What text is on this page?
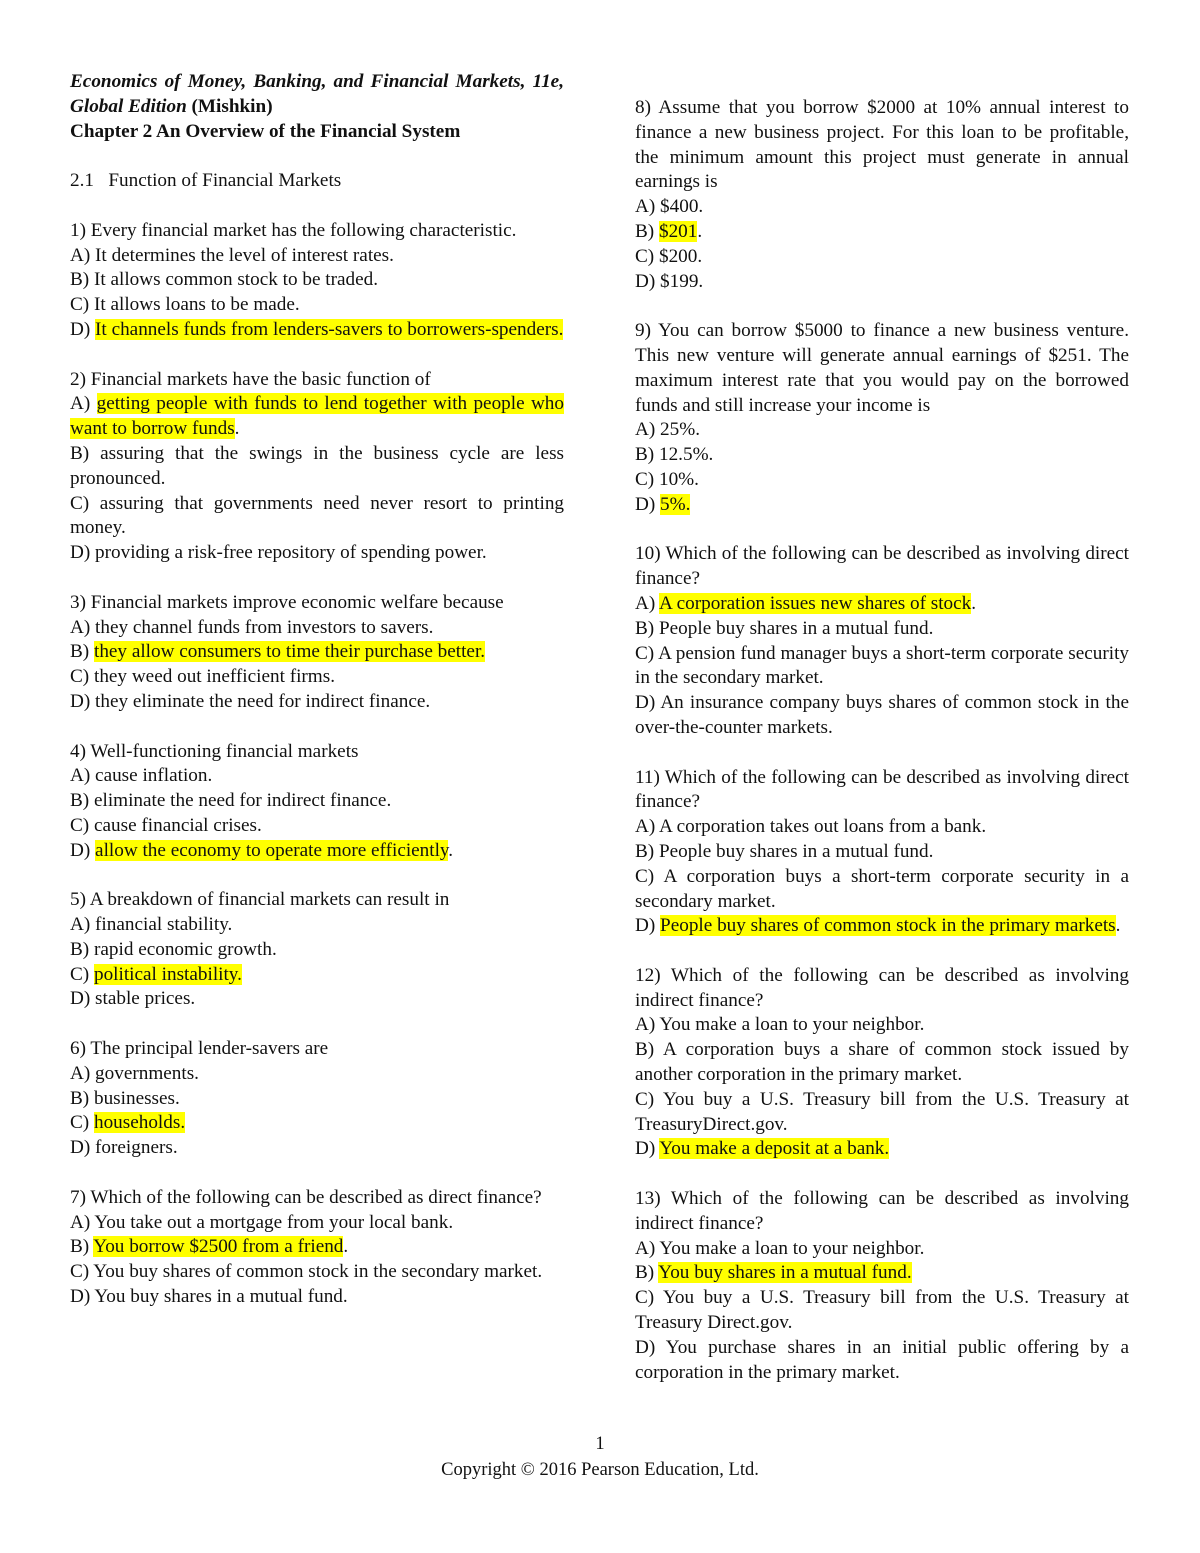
Economics of Money, Banking, and Financial Markets, 11e, Global Edition (Mishkin)

Chapter 2 An Overview of the Financial System

2.1   Function of Financial Markets

1) Every financial market has the following characteristic.

A) It determines the level of interest rates.

B) It allows common stock to be traded.

C) It allows loans to be made.

D) It channels funds from lenders-savers to borrowers-spenders.

2) Financial markets have the basic function of

A) getting people with funds to lend together with people who want to borrow funds.

B) assuring that the swings in the business cycle are less pronounced.

C) assuring that governments need never resort to printing money.

D) providing a risk-free repository of spending power.

3) Financial markets improve economic welfare because

A) they channel funds from investors to savers.

B) they allow consumers to time their purchase better.

C) they weed out inefficient firms.

D) they eliminate the need for indirect finance.

4) Well-functioning financial markets

A) cause inflation.

B) eliminate the need for indirect finance.

C) cause financial crises.

D) allow the economy to operate more efficiently.

5) A breakdown of financial markets can result in

A) financial stability.

B) rapid economic growth.

C) political instability.

D) stable prices.

6) The principal lender-savers are

A) governments.

B) businesses.

C) households.

D) foreigners.

7) Which of the following can be described as direct finance?

A) You take out a mortgage from your local bank.

B) You borrow $2500 from a friend.

C) You buy shares of common stock in the secondary market.

D) You buy shares in a mutual fund.

8) Assume that you borrow $2000 at 10% annual interest to finance a new business project. For this loan to be profitable, the minimum amount this project must generate in annual earnings is

A) $400.

B) $201.

C) $200.

D) $199.

9) You can borrow $5000 to finance a new business venture. This new venture will generate annual earnings of $251. The maximum interest rate that you would pay on the borrowed funds and still increase your income is

A) 25%.

B) 12.5%.

C) 10%.

D) 5%.

10) Which of the following can be described as involving direct finance?

A) A corporation issues new shares of stock.

B) People buy shares in a mutual fund.

C) A pension fund manager buys a short-term corporate security in the secondary market.

D) An insurance company buys shares of common stock in the over-the-counter markets.

11) Which of the following can be described as involving direct finance?

A) A corporation takes out loans from a bank.

B) People buy shares in a mutual fund.

C) A corporation buys a short-term corporate security in a secondary market.

D) People buy shares of common stock in the primary markets.

12) Which of the following can be described as involving indirect finance?

A) You make a loan to your neighbor.

B) A corporation buys a share of common stock issued by another corporation in the primary market.

C) You buy a U.S. Treasury bill from the U.S. Treasury at TreasuryDirect.gov.

D) You make a deposit at a bank.

13) Which of the following can be described as involving indirect finance?

A) You make a loan to your neighbor.

B) You buy shares in a mutual fund.

C) You buy a U.S. Treasury bill from the U.S. Treasury at Treasury Direct.gov.

D) You purchase shares in an initial public offering by a corporation in the primary market.

1
Copyright © 2016 Pearson Education, Ltd.
